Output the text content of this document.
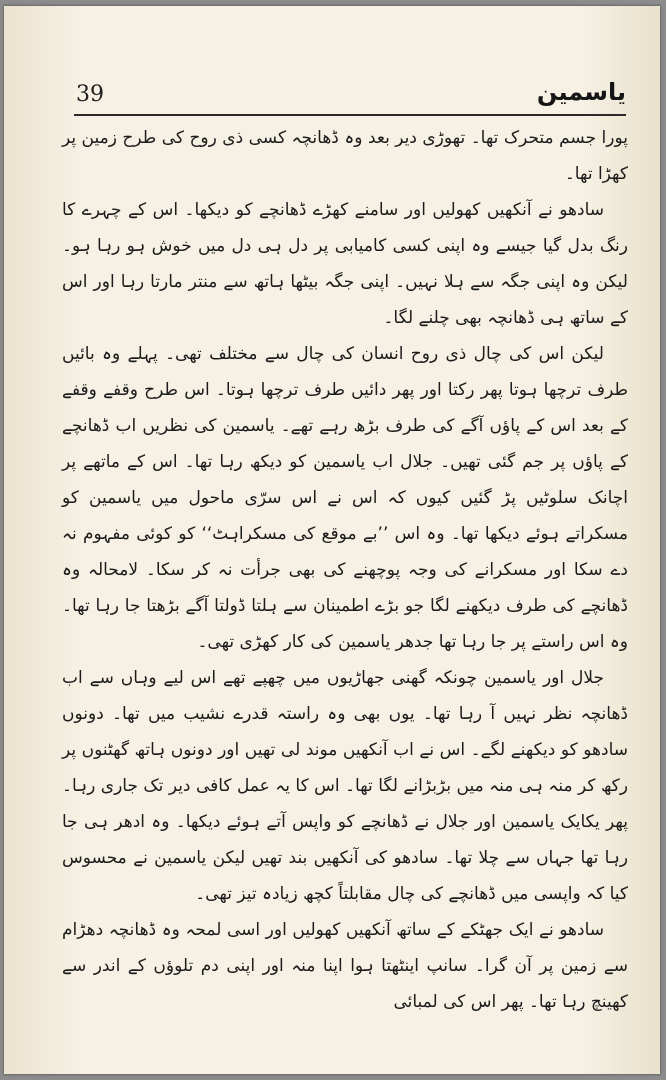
39	یاسمین

پورا جسم متحرک تھا۔ تھوڑی دیر بعد وہ ڈھانچہ کسی ذی روح کی طرح زمین پر کھڑا تھا۔

سادھو نے آنکھیں کھولیں اور سامنے کھڑے ڈھانچے کو دیکھا۔ اس کے چہرے کا رنگ بدل گیا جیسے وہ اپنی کسی کامیابی پر دل ہی دل میں خوش ہو رہا ہو۔ لیکن وہ اپنی جگہ سے ہلا نہیں۔ اپنی جگہ بیٹھا ہاتھ سے منتر مارتا رہا اور اس کے ساتھ ہی ڈھانچہ بھی چلنے لگا۔

لیکن اس کی چال ذی روح انسان کی چال سے مختلف تھی۔ پہلے وہ بائیں طرف ترچھا ہوتا پھر رکتا اور پھر دائیں طرف ترچھا ہوتا۔ اس طرح وقفے وقفے کے بعد اس کے پاؤں آگے کی طرف بڑھ رہے تھے۔ یاسمین کی نظریں اب ڈھانچے کے پاؤں پر جم گئی تھیں۔ جلال اب یاسمین کو دیکھ رہا تھا۔ اس کے ماتھے پر اچانک سلوٹیں پڑ گئیں کیوں کہ اس نے اس سرّی ماحول میں یاسمین کو مسکراتے ہوئے دیکھا تھا۔ وہ اس ’’بے موقع کی مسکراہٹ‘‘ کو کوئی مفہوم نہ دے سکا اور مسکرانے کی وجہ پوچھنے کی بھی جرأت نہ کر سکا۔ لامحالہ وہ ڈھانچے کی طرف دیکھنے لگا جو بڑے اطمینان سے ہلتا ڈولتا آگے بڑھتا جا رہا تھا۔ وہ اس راستے پر جا رہا تھا جدھر یاسمین کی کار کھڑی تھی۔

جلال اور یاسمین چونکہ گھنی جھاڑیوں میں چھپے تھے اس لیے وہاں سے اب ڈھانچہ نظر نہیں آ رہا تھا۔ یوں بھی وہ راستہ قدرے نشیب میں تھا۔ دونوں سادھو کو دیکھنے لگے۔ اس نے اب آنکھیں موند لی تھیں اور دونوں ہاتھ گھٹنوں پر رکھ کر منہ ہی منہ میں بڑبڑانے لگا تھا۔ اس کا یہ عمل کافی دیر تک جاری رہا۔ پھر یکایک یاسمین اور جلال نے ڈھانچے کو واپس آتے ہوئے دیکھا۔ وہ ادھر ہی جا رہا تھا جہاں سے چلا تھا۔ سادھو کی آنکھیں بند تھیں لیکن یاسمین نے محسوس کیا کہ واپسی میں ڈھانچے کی چال مقابلتاً کچھ زیادہ تیز تھی۔

سادھو نے ایک جھٹکے کے ساتھ آنکھیں کھولیں اور اسی لمحہ وہ ڈھانچہ دھڑام سے زمین پر آن گرا۔ سانپ اینٹھتا ہوا اپنا منہ اور اپنی دم تلوؤں کے اندر سے کھینچ رہا تھا۔ پھر اس کی لمبائی
